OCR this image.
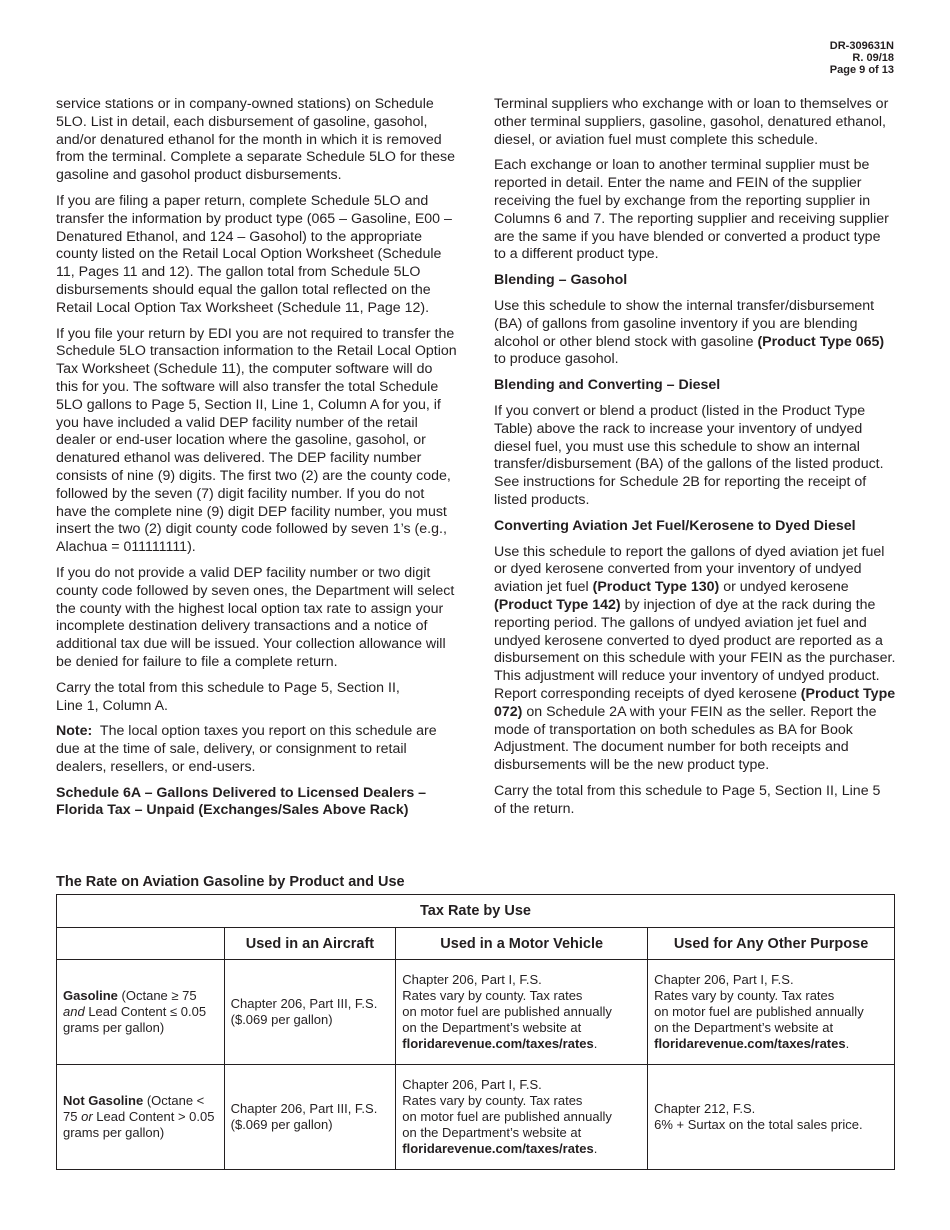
DR-309631N
R. 09/18
Page 9 of 13

service stations or in company-owned stations) on Schedule 5LO. List in detail, each disbursement of gasoline, gasohol, and/or denatured ethanol for the month in which it is removed from the terminal. Complete a separate Schedule 5LO for these gasoline and gasohol product disbursements.

If you are filing a paper return, complete Schedule 5LO and transfer the information by product type (065 – Gasoline, E00 – Denatured Ethanol, and 124 – Gasohol) to the appropriate county listed on the Retail Local Option Worksheet (Schedule 11, Pages 11 and 12). The gallon total from Schedule 5LO disbursements should equal the gallon total reflected on the Retail Local Option Tax Worksheet (Schedule 11, Page 12).

If you file your return by EDI you are not required to transfer the Schedule 5LO transaction information to the Retail Local Option Tax Worksheet (Schedule 11), the computer software will do this for you. The software will also transfer the total Schedule 5LO gallons to Page 5, Section II, Line 1, Column A for you, if you have included a valid DEP facility number of the retail dealer or end-user location where the gasoline, gasohol, or denatured ethanol was delivered. The DEP facility number consists of nine (9) digits. The first two (2) are the county code, followed by the seven (7) digit facility number. If you do not have the complete nine (9) digit DEP facility number, you must insert the two (2) digit county code followed by seven 1’s (e.g., Alachua = 011111111).

If you do not provide a valid DEP facility number or two digit county code followed by seven ones, the Department will select the county with the highest local option tax rate to assign your incomplete destination delivery transactions and a notice of additional tax due will be issued. Your collection allowance will be denied for failure to file a complete return.

Carry the total from this schedule to Page 5, Section II,
Line 1, Column A.

Note: The local option taxes you report on this schedule are due at the time of sale, delivery, or consignment to retail dealers, resellers, or end-users.

Schedule 6A – Gallons Delivered to Licensed Dealers –
Florida Tax – Unpaid (Exchanges/Sales Above Rack)

Terminal suppliers who exchange with or loan to themselves or other terminal suppliers, gasoline, gasohol, denatured ethanol, diesel, or aviation fuel must complete this schedule.

Each exchange or loan to another terminal supplier must be reported in detail. Enter the name and FEIN of the supplier receiving the fuel by exchange from the reporting supplier in Columns 6 and 7. The reporting supplier and receiving supplier are the same if you have blended or converted a product type to a different product type.

Blending – Gasohol

Use this schedule to show the internal transfer/disbursement (BA) of gallons from gasoline inventory if you are blending alcohol or other blend stock with gasoline (Product Type 065) to produce gasohol.

Blending and Converting – Diesel

If you convert or blend a product (listed in the Product Type Table) above the rack to increase your inventory of undyed diesel fuel, you must use this schedule to show an internal transfer/disbursement (BA) of the gallons of the listed product. See instructions for Schedule 2B for reporting the receipt of listed products.

Converting Aviation Jet Fuel/Kerosene to Dyed Diesel

Use this schedule to report the gallons of dyed aviation jet fuel or dyed kerosene converted from your inventory of undyed aviation jet fuel (Product Type 130) or undyed kerosene (Product Type 142) by injection of dye at the rack during the reporting period. The gallons of undyed aviation jet fuel and undyed kerosene converted to dyed product are reported as a disbursement on this schedule with your FEIN as the purchaser. This adjustment will reduce your inventory of undyed product. Report corresponding receipts of dyed kerosene (Product Type 072) on Schedule 2A with your FEIN as the seller. Report the mode of transportation on both schedules as BA for Book Adjustment. The document number for both receipts and disbursements will be the new product type.

Carry the total from this schedule to Page 5, Section II, Line 5 of the return.

The Rate on Aviation Gasoline by Product and Use
Tax Rate by Use			
	Used in an Aircraft	Used in a Motor Vehicle	Used for Any Other Purpose
Gasoline (Octane ≥ 75 and Lead Content ≤ 0.05 grams per gallon)	Chapter 206, Part III, F.S.
($.069 per gallon)	Chapter 206, Part I, F.S.
Rates vary by county. Tax rates
on motor fuel are published annually
on the Department’s website at
floridarevenue.com/taxes/rates.	Chapter 206, Part I, F.S.
Rates vary by county. Tax rates
on motor fuel are published annually
on the Department’s website at
floridarevenue.com/taxes/rates.

Not Gasoline (Octane < 75 or Lead Content > 0.05 grams per gallon)	Chapter 206, Part III, F.S.
($.069 per gallon)	Chapter 206, Part I, F.S.
Rates vary by county. Tax rates
on motor fuel are published annually
on the Department’s website at
floridarevenue.com/taxes/rates.	Chapter 212, F.S.
6% + Surtax on the total sales price.
